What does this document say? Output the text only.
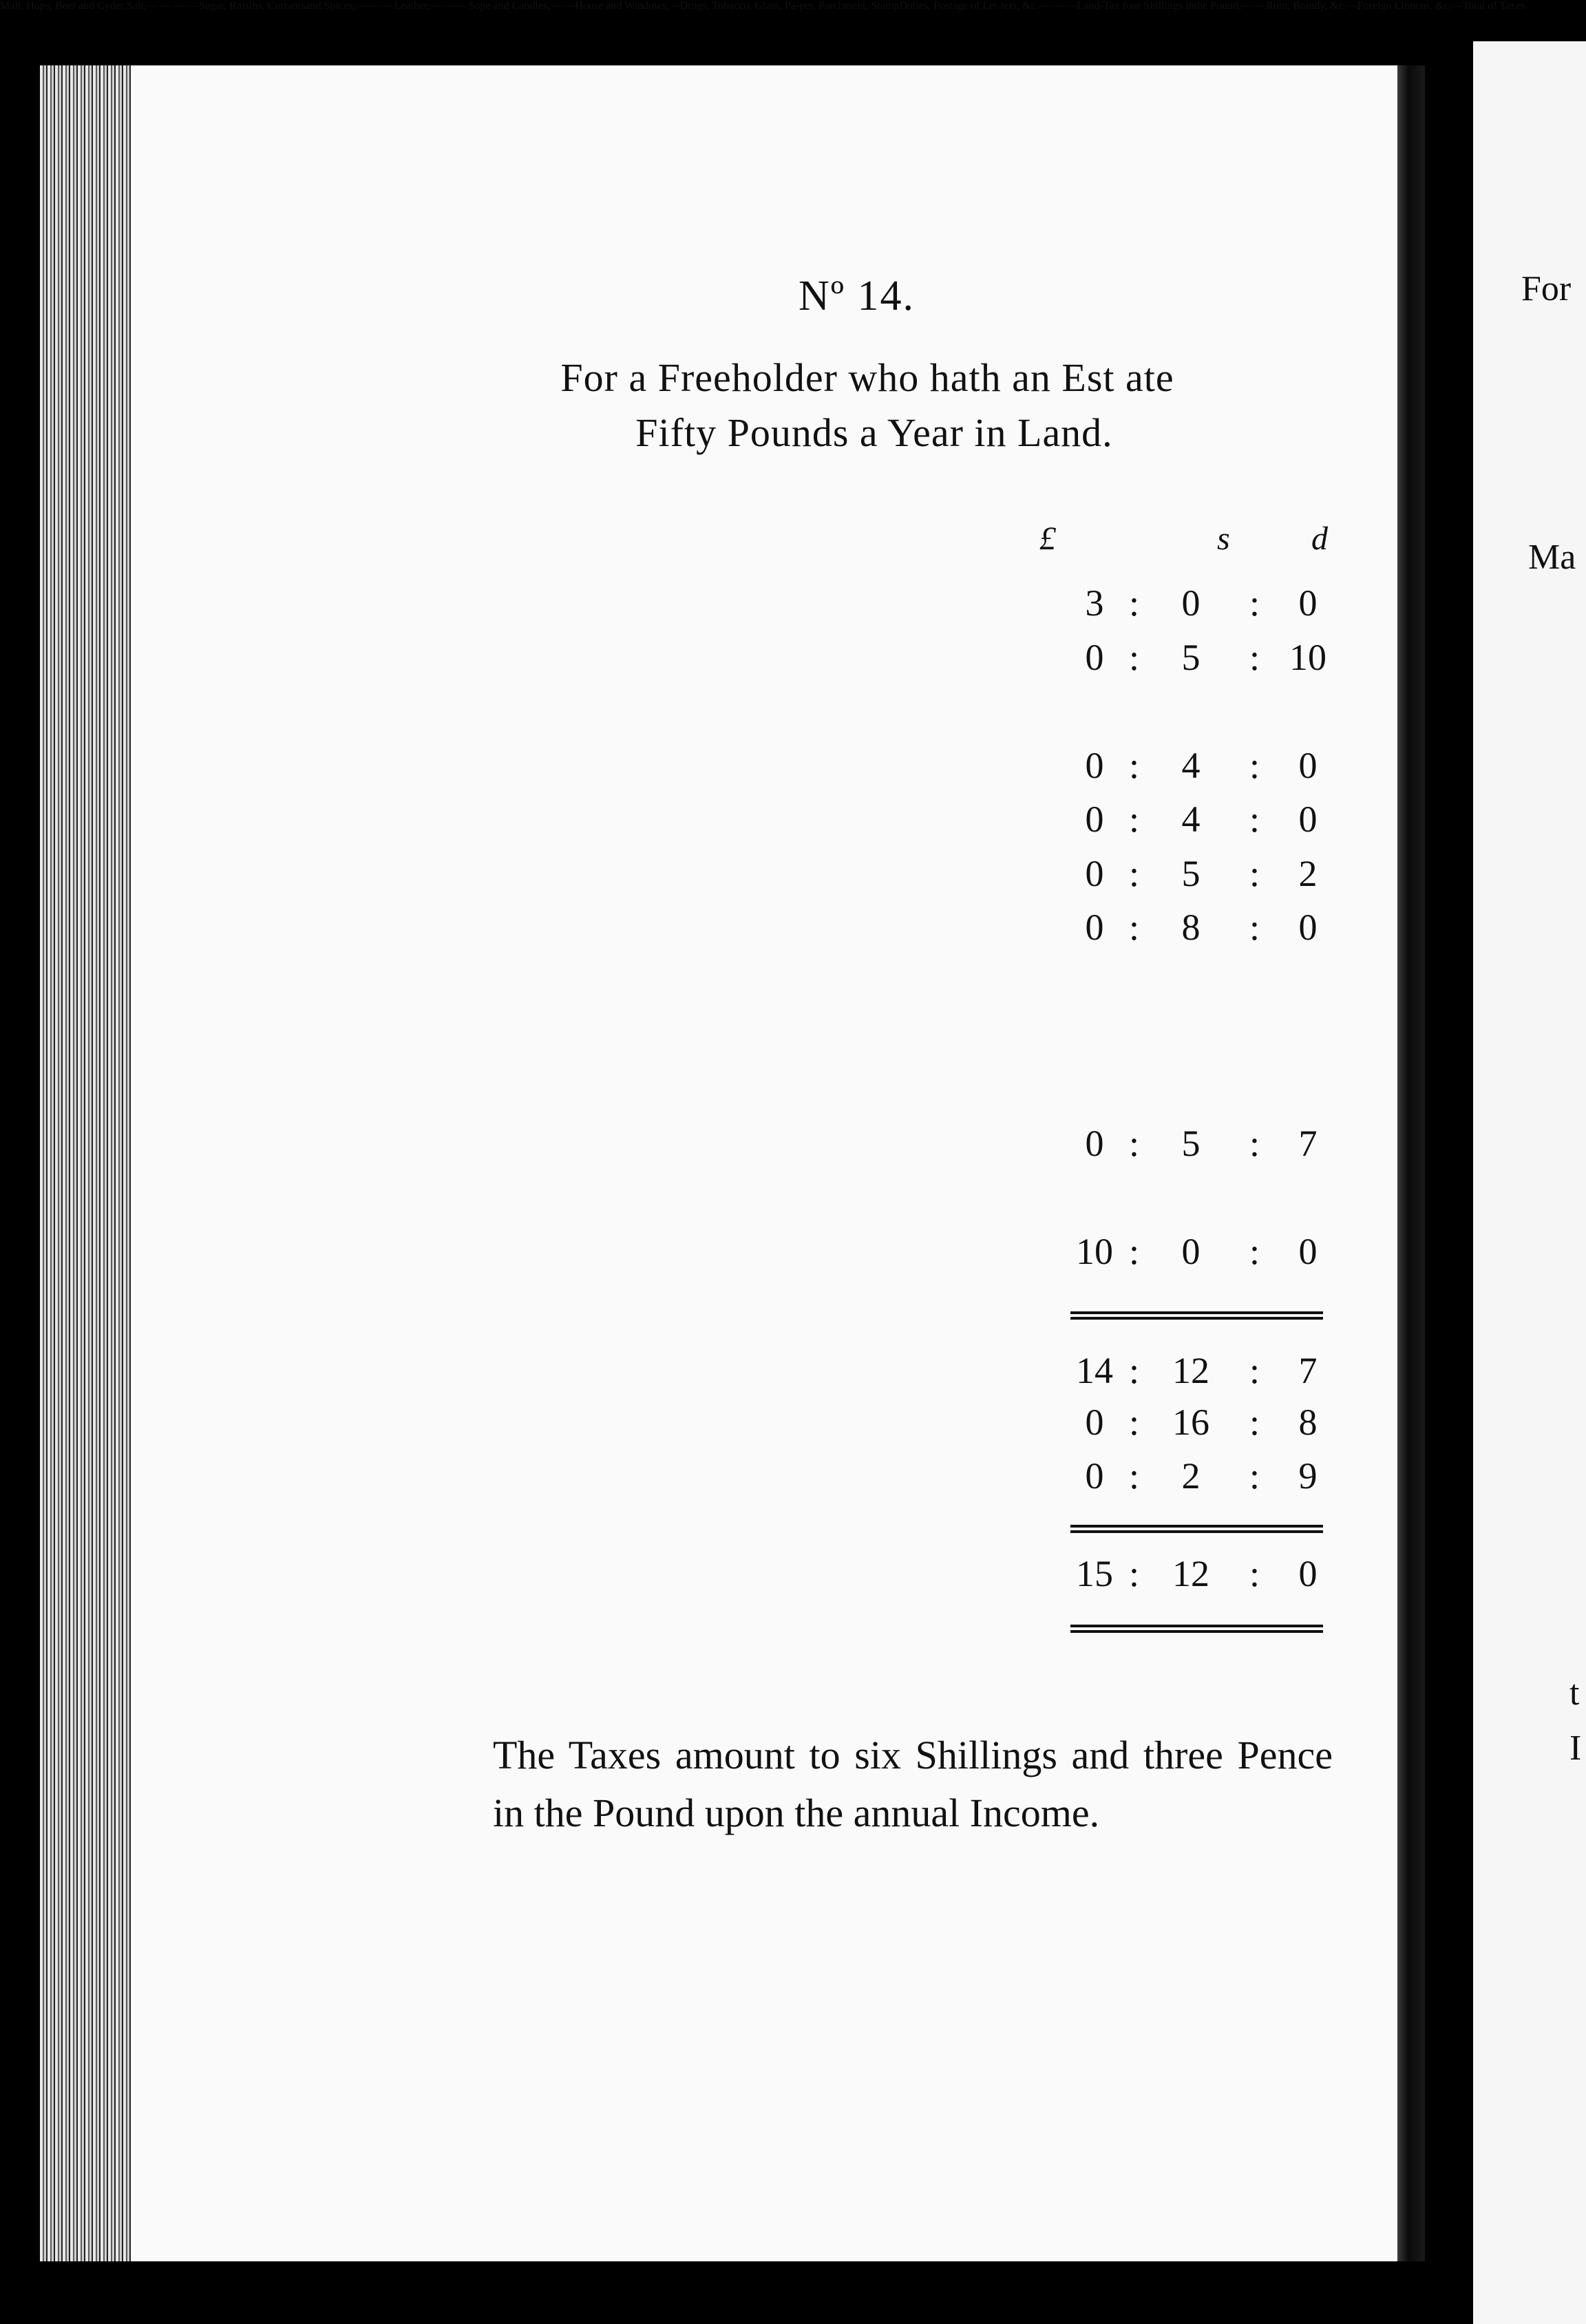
For
Ma
t
I
Nº 14.
For a Freeholder who hath an Est ate
Fifty Pounds a Year in Land.
£	s d
Malt, Hops, Beer and Cyder,
3 :	0	:	0
Salt,— — — —
0 :	5	: 10
Sugar, Raisins, Currantsand Spices,— — —
0 :	4	:	0
Leather,— — —
0 :	4	:	0
Sope and Candles,— —
0 :	5	:	2
House and Windows,—
0 :	8	:	0
Drugs, Tobacco, Glass, Pa-per, Parchment, StampDuties, Postage of Let-ters, &c.— — —
0 :	5	:	7
Land-Tax four Shillings inthe Pound,— —
10 :	0	:	0
14 : 12 :	7
Rum, Brandy, &c.—
0 : 16 :	8
Foreign Linnens, &c.—
0 :	2	:	9
Total of Taxes
15 : 12 :	0

The Taxes amount to six Shillings and three Pence in the Pound upon the annual Income.
